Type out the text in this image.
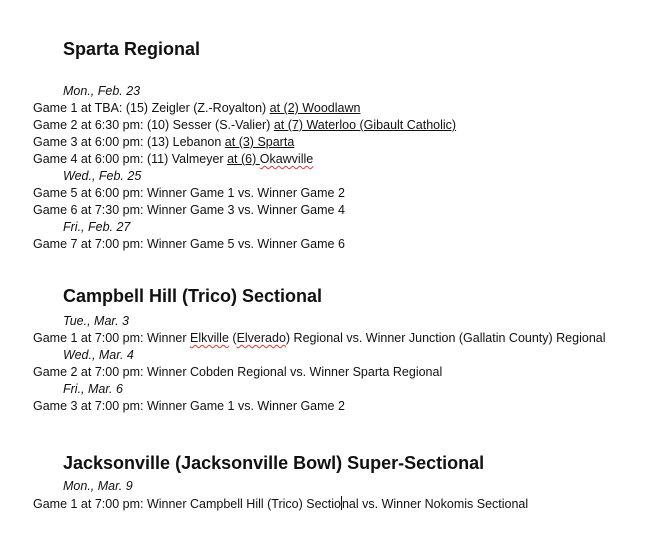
Sparta Regional
Mon., Feb. 23
Game 1 at TBA: (15) Zeigler (Z.-Royalton) at (2) Woodlawn
Game 2 at 6:30 pm: (10) Sesser (S.-Valier) at (7) Waterloo (Gibault Catholic)
Game 3 at 6:00 pm: (13) Lebanon at (3) Sparta
Game 4 at 6:00 pm: (11) Valmeyer at (6) Okawville
Wed., Feb. 25
Game 5 at 6:00 pm: Winner Game 1 vs. Winner Game 2
Game 6 at 7:30 pm: Winner Game 3 vs. Winner Game 4
Fri., Feb. 27
Game 7 at 7:00 pm: Winner Game 5 vs. Winner Game 6
Campbell Hill (Trico) Sectional
Tue., Mar. 3
Game 1 at 7:00 pm: Winner Elkville (Elverado) Regional vs. Winner Junction (Gallatin County) Regional
Wed., Mar. 4
Game 2 at 7:00 pm: Winner Cobden Regional vs. Winner Sparta Regional
Fri., Mar. 6
Game 3 at 7:00 pm: Winner Game 1 vs. Winner Game 2
Jacksonville (Jacksonville Bowl) Super-Sectional
Mon., Mar. 9
Game 1 at 7:00 pm: Winner Campbell Hill (Trico) Sectional vs. Winner Nokomis Sectional
